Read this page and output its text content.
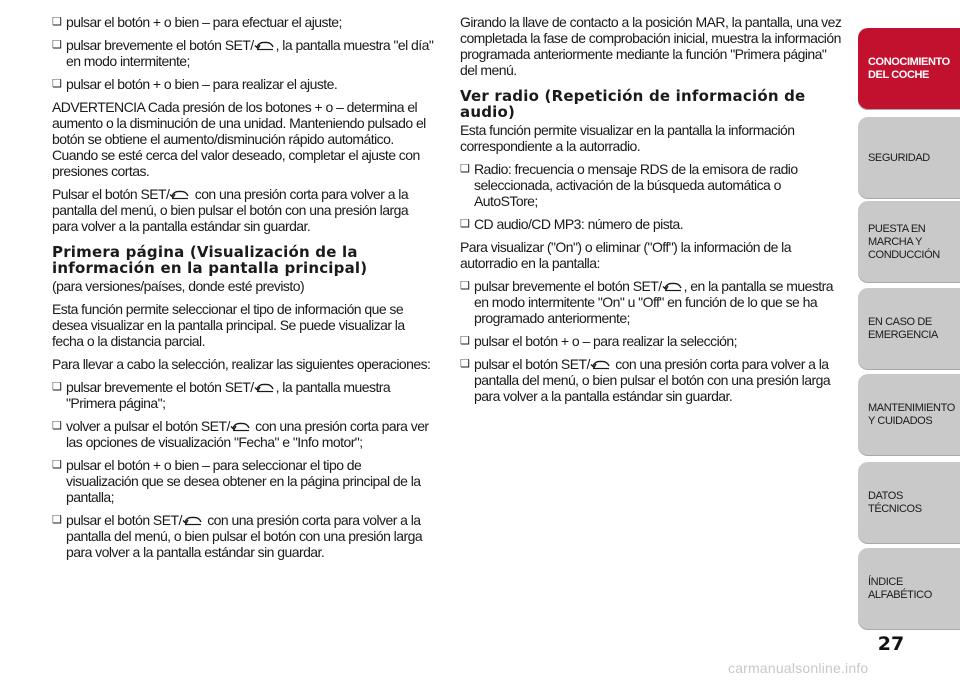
❑ pulsar el botón + o bien – para efectuar el ajuste;

❑ pulsar brevemente el botón SET/ , la pantalla muestra "el día" en modo intermitente;

❑ pulsar el botón + o bien – para realizar el ajuste.

ADVERTENCIA Cada presión de los botones + o – determina el aumento o la disminución de una unidad. Manteniendo pulsado el botón se obtiene el aumento/disminución rápido automático. Cuando se esté cerca del valor deseado, completar el ajuste con presiones cortas.

Pulsar el botón SET/
con una presión corta para volver a la pantalla del menú, o bien pulsar el botón con una presión larga para volver a la pantalla estándar sin guardar.

Primera página (Visualización de la información en la pantalla principal)

(para versiones/países, donde esté previsto)

Esta función permite seleccionar el tipo de información que se desea visualizar en la pantalla principal. Se puede visualizar la fecha o la distancia parcial.

Para llevar a cabo la selección, realizar las siguientes operaciones:

❑ pulsar brevemente el botón SET/ , la pantalla muestra "Primera página";

❑ volver a pulsar el botón SET/
con una presión corta para ver las opciones de visualización "Fecha" e "Info motor";

❑ pulsar el botón + o bien – para seleccionar el tipo de visualización que se desea obtener en la página principal de la pantalla;

❑ pulsar el botón SET/
con una presión corta para volver a la pantalla del menú, o bien pulsar el botón con una presión larga para volver a la pantalla estándar sin guardar.

Girando la llave de contacto a la posición MAR, la pantalla, una vez completada la fase de comprobación inicial, muestra la información programada anteriormente mediante la función "Primera página" del menú.

Ver radio (Repetición de información de audio)

Esta función permite visualizar en la pantalla la información correspondiente a la autorradio.

❑ Radio: frecuencia o mensaje RDS de la emisora de radio seleccionada, activación de la búsqueda automática o AutoSTore;

❑ CD audio/CD MP3: número de pista.

Para visualizar ("On") o eliminar ("Off") la información de la autorradio en la pantalla:

❑ pulsar brevemente el botón SET/ , en la pantalla se muestra en modo intermitente "On" u "Off" en función de lo que se ha programado anteriormente;

❑ pulsar el botón + o – para realizar la selección;

❑ pulsar el botón SET/
con una presión corta para volver a la pantalla del menú, o bien pulsar el botón con una presión larga para volver a la pantalla estándar sin guardar.

CONOCIMIENTO DEL COCHE
SEGURIDAD
PUESTA EN MARCHA Y CONDUCCIÓN
EN CASO DE EMERGENCIA
MANTENIMIENTO Y CUIDADOS
DATOS TÉCNICOS
ÍNDICE ALFABÉTICO
27
carmanualsonline.info
